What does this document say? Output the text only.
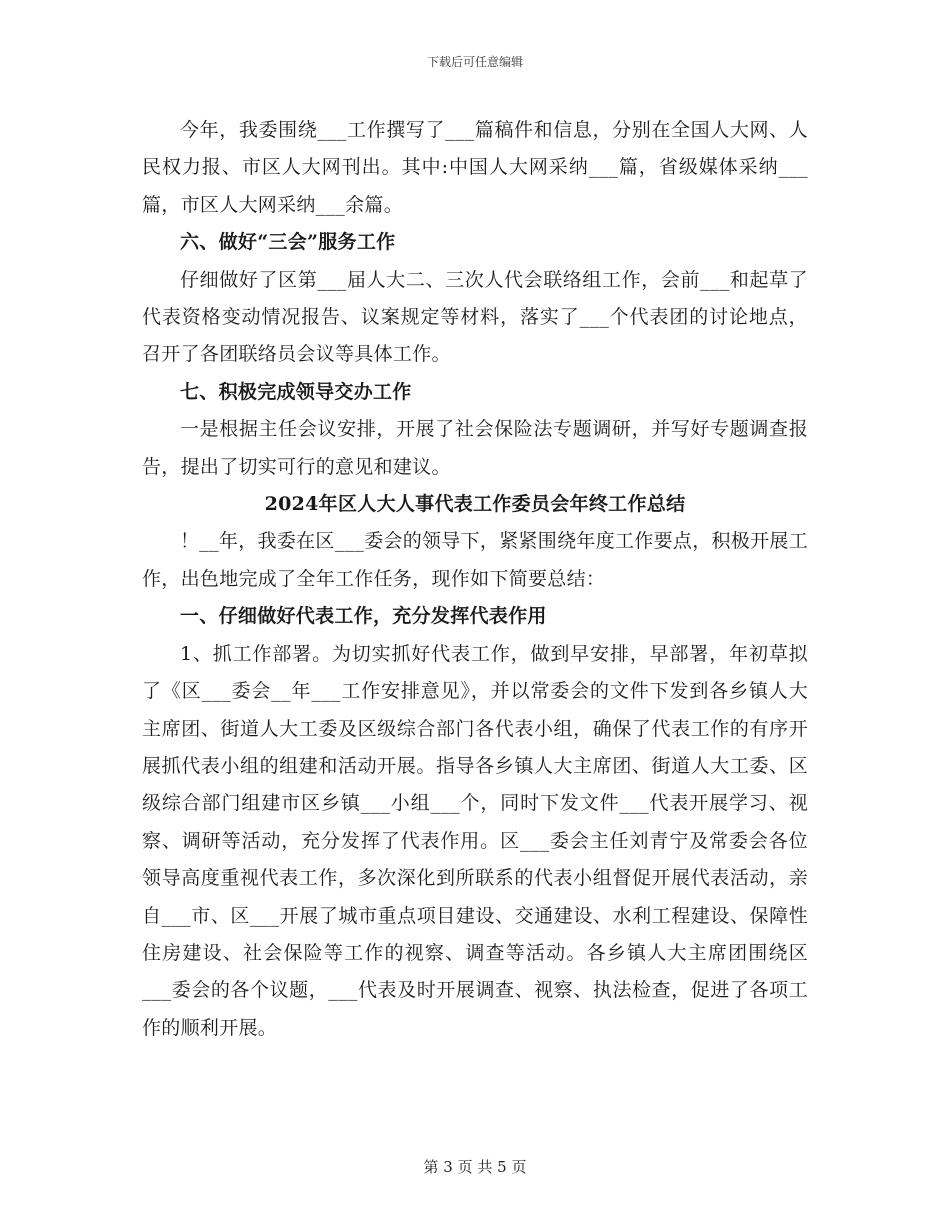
下载后可任意编辑

今年，我委围绕___工作撰写了___篇稿件和信息，分别在全国人大网、人民权力报、市区人大网刊出。其中:中国人大网采纳___篇，省级媒体采纳___篇，市区人大网采纳___余篇。

六、做好“三会”服务工作

仔细做好了区第___届人大二、三次人代会联络组工作，会前___和起草了代表资格变动情况报告、议案规定等材料，落实了___个代表团的讨论地点，召开了各团联络员会议等具体工作。

七、积极完成领导交办工作

一是根据主任会议安排，开展了社会保险法专题调研，并写好专题调查报告，提出了切实可行的意见和建议。

2024年区人大人事代表工作委员会年终工作总结

！__年，我委在区___委会的领导下，紧紧围绕年度工作要点，积极开展工作，出色地完成了全年工作任务，现作如下简要总结：

一、仔细做好代表工作，充分发挥代表作用

1、抓工作部署。为切实抓好代表工作，做到早安排，早部署，年初草拟了《区___委会__年___工作安排意见》，并以常委会的文件下发到各乡镇人大主席团、街道人大工委及区级综合部门各代表小组，确保了代表工作的有序开展抓代表小组的组建和活动开展。指导各乡镇人大主席团、街道人大工委、区级综合部门组建市区乡镇___小组___个，同时下发文件___代表开展学习、视察、调研等活动，充分发挥了代表作用。区___委会主任刘青宁及常委会各位领导高度重视代表工作，多次深化到所联系的代表小组督促开展代表活动，亲自___市、区___开展了城市重点项目建设、交通建设、水利工程建设、保障性住房建设、社会保险等工作的视察、调查等活动。各乡镇人大主席团围绕区___委会的各个议题，___代表及时开展调查、视察、执法检查，促进了各项工作的顺利开展。

第 3 页 共 5 页
